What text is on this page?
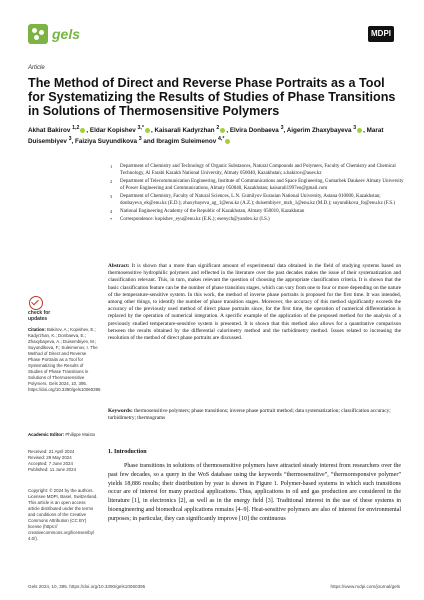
gels	MDPI
Article
The Method of Direct and Reverse Phase Portraits as a Tool for Systematizing the Results of Studies of Phase Transitions in Solutions of Thermosensitive Polymers
Akhat Bakirov $^{1,2}$ , Eldar Kopishev $^{3,*}$ , Kaisarali Kadyrzhan $^2$ , Elvira Donbaeva $^3$, Aigerim Zhaxybayeva $^3$ , Marat Duisembiyev $^3$, Faiziya Suyundikova $^3$ and Ibragim Suleimenov $^{4,*}$
1 Department of Chemistry and Technology of Organic Substances, Natural Compounds and Polymers, Faculty of Chemistry and Chemical Technology, Al Farabi Kazakh National University, Almaty 050040, Kazakhstan; a.bakirov@aues.kz
2 Department of Telecommunication Engineering, Institute of Communications and Space Engineering, Gumarbek Daukeev Almaty University of Power Engineering and Communications, Almaty 050040, Kazakhstan; kaisarali1997eo@gmail.com
3 Department of Chemistry, Faculty of Natural Sciences, L.N. Gumilyov Eurasian National University, Astana 010000, Kazakhstan; donbayeva_ek@enu.kz (E.D.); zhaxybayeva_ag_1@enu.kz (A.Z.); duisembiyev_mzh_1@enu.kz (M.D.); suyundikova_fo@enu.kz (F.S.)
4 National Engineering Academy of the Republic of Kazakhstan, Almaty 050010, Kazakhstan
* Correspondence: kopishev_eyu@enu.kz (E.K.); esenych@yandex.kz (I.S.)
check for updates

Citation: Bakirov, A.; Kopishev, E.; Kadyrzhan, K.; Donbaeva, E.; Zhaxybayeva, A.; Duisembiyev, M.; Suyundikova, F.; Suleimenov, I. The Method of Direct and Reverse Phase Portraits as a Tool for Systematizing the Results of Studies of Phase Transitions in Solutions of Thermosensitive Polymers. Gels 2024, 10, 395. https://doi.org/10.3390/gels10060395

Academic Editor: Philippe Maisto

Received: 21 April 2024
Revised: 29 May 2024
Accepted: 7 June 2024
Published: 11 June 2024

Copyright: © 2024 by the authors. Licensee MDPI, Basel, Switzerland. This article is an open access article distributed under the terms and conditions of the Creative Commons Attribution (CC BY) license (https:// creativecommons.org/licenses/by/ 4.0/).

Abstract: It is shown that a more than significant amount of experimental data obtained in the field of studying systems based on thermosensitive hydrophilic polymers and reflected in the literature over the past decades makes the issue of their systematization and classification relevant. This, in turn, makes relevant the question of choosing the appropriate classification criteria. It is shown that the basic classification feature can be the number of phase transition stages, which can vary from one to four or more depending on the nature of the temperature-sensitive system. In this work, the method of inverse phase portraits is proposed for the first time. It was intended, among other things, to identify the number of phase transition stages. Moreover, the accuracy of this method significantly exceeds the accuracy of the previously used method of direct phase portraits since, for the first time, the operation of numerical differentiation is replaced by the operation of numerical integration. A specific example of the application of the proposed method for the analysis of a previously studied temperature-sensitive system is presented. It is shown that this method also allows for a quantitative comparison between the results obtained by the differential calorimetry method and the turbidimetry method. Issues related to increasing the resolution of the method of direct phase portraits are discussed.
Keywords: thermosensitive polymers; phase transitions; inverse phase portrait method; data systematization; classification accuracy; turbidimetry; thermograms
1. Introduction
Phase transitions in solutions of thermosensitive polymers have attracted steady interest from researchers over the past few decades, so a query in the WoS database using the keywords “thermosensitive”, “thermoresponsive polymer” yields 18,886 results; their distribution by year is shown in Figure 1. Polymer-based systems in which such transitions occur are of interest for many practical applications. Thus, applications in oil and gas production are considered in the literature [1], in electronics [2], as well as in the energy field [3]. Traditional interest in the use of these systems in bioengineering and biomedical applications remains [4–9]. Heat-sensitive polymers are also of interest for environmental purposes; in particular, they can significantly improve [10] the continuous
Gels 2024, 10, 395. https://doi.org/10.3390/gels10060395	https://www.mdpi.com/journal/gels
